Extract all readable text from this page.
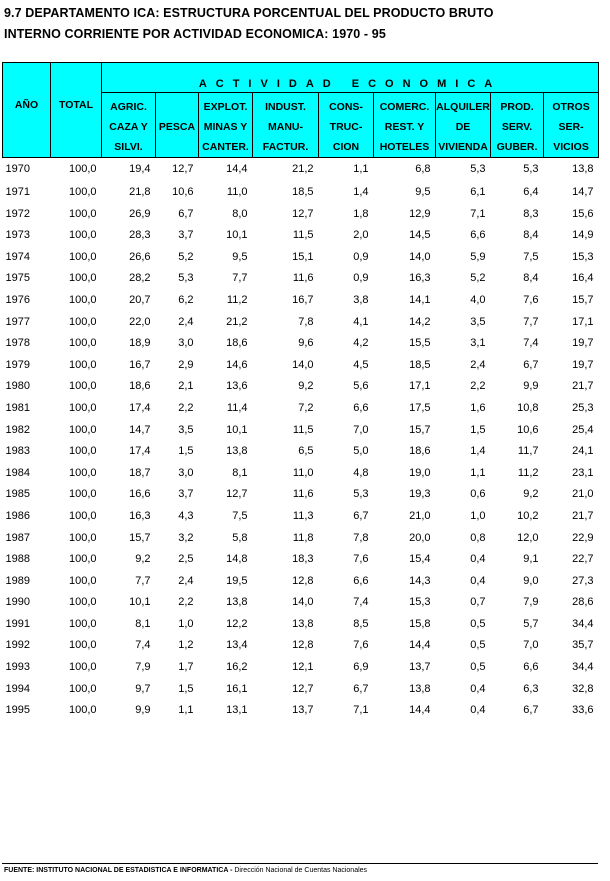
9.7 DEPARTAMENTO ICA: ESTRUCTURA PORCENTUAL DEL PRODUCTO BRUTO
INTERNO CORRIENTE POR ACTIVIDAD ECONOMICA: 1970 - 95
AÑO	TOTAL	ACTIVIDAD ECONOMICA								

		AGRIC.
CAZA Y
SILVI.	PESCA	EXPLOT.
MINAS Y
CANTER.	INDUST.
MANU-
FACTUR.	CONS-
TRUC-
CION	COMERC.
REST. Y
HOTELES	ALQUILER
DE
VIVIENDA	PROD.
SERV.
GUBER.	OTROS
SER-
VICIOS

1970	100,0	19,4	12,7	14,4	21,2	1,1	6,8	5,3	5,3	13,8
1971	100,0	21,8	10,6	11,0	18,5	1,4	9,5	6,1	6,4	14,7
1972	100,0	26,9	6,7	8,0	12,7	1,8	12,9	7,1	8,3	15,6
1973	100,0	28,3	3,7	10,1	11,5	2,0	14,5	6,6	8,4	14,9
1974	100,0	26,6	5,2	9,5	15,1	0,9	14,0	5,9	7,5	15,3
1975	100,0	28,2	5,3	7,7	11,6	0,9	16,3	5,2	8,4	16,4
1976	100,0	20,7	6,2	11,2	16,7	3,8	14,1	4,0	7,6	15,7
1977	100,0	22,0	2,4	21,2	7,8	4,1	14,2	3,5	7,7	17,1
1978	100,0	18,9	3,0	18,6	9,6	4,2	15,5	3,1	7,4	19,7
1979	100,0	16,7	2,9	14,6	14,0	4,5	18,5	2,4	6,7	19,7
1980	100,0	18,6	2,1	13,6	9,2	5,6	17,1	2,2	9,9	21,7
1981	100,0	17,4	2,2	11,4	7,2	6,6	17,5	1,6	10,8	25,3
1982	100,0	14,7	3,5	10,1	11,5	7,0	15,7	1,5	10,6	25,4
1983	100,0	17,4	1,5	13,8	6,5	5,0	18,6	1,4	11,7	24,1
1984	100,0	18,7	3,0	8,1	11,0	4,8	19,0	1,1	11,2	23,1
1985	100,0	16,6	3,7	12,7	11,6	5,3	19,3	0,6	9,2	21,0
1986	100,0	16,3	4,3	7,5	11,3	6,7	21,0	1,0	10,2	21,7
1987	100,0	15,7	3,2	5,8	11,8	7,8	20,0	0,8	12,0	22,9
1988	100,0	9,2	2,5	14,8	18,3	7,6	15,4	0,4	9,1	22,7
1989	100,0	7,7	2,4	19,5	12,8	6,6	14,3	0,4	9,0	27,3
1990	100,0	10,1	2,2	13,8	14,0	7,4	15,3	0,7	7,9	28,6
1991	100,0	8,1	1,0	12,2	13,8	8,5	15,8	0,5	5,7	34,4
1992	100,0	7,4	1,2	13,4	12,8	7,6	14,4	0,5	7,0	35,7
1993	100,0	7,9	1,7	16,2	12,1	6,9	13,7	0,5	6,6	34,4
1994	100,0	9,7	1,5	16,1	12,7	6,7	13,8	0,4	6,3	32,8
1995	100,0	9,9	1,1	13,1	13,7	7,1	14,4	0,4	6,7	33,6
FUENTE: INSTITUTO NACIONAL DE ESTADISTICA E INFORMATICA - Dirección Nacional de Cuentas Nacionales
